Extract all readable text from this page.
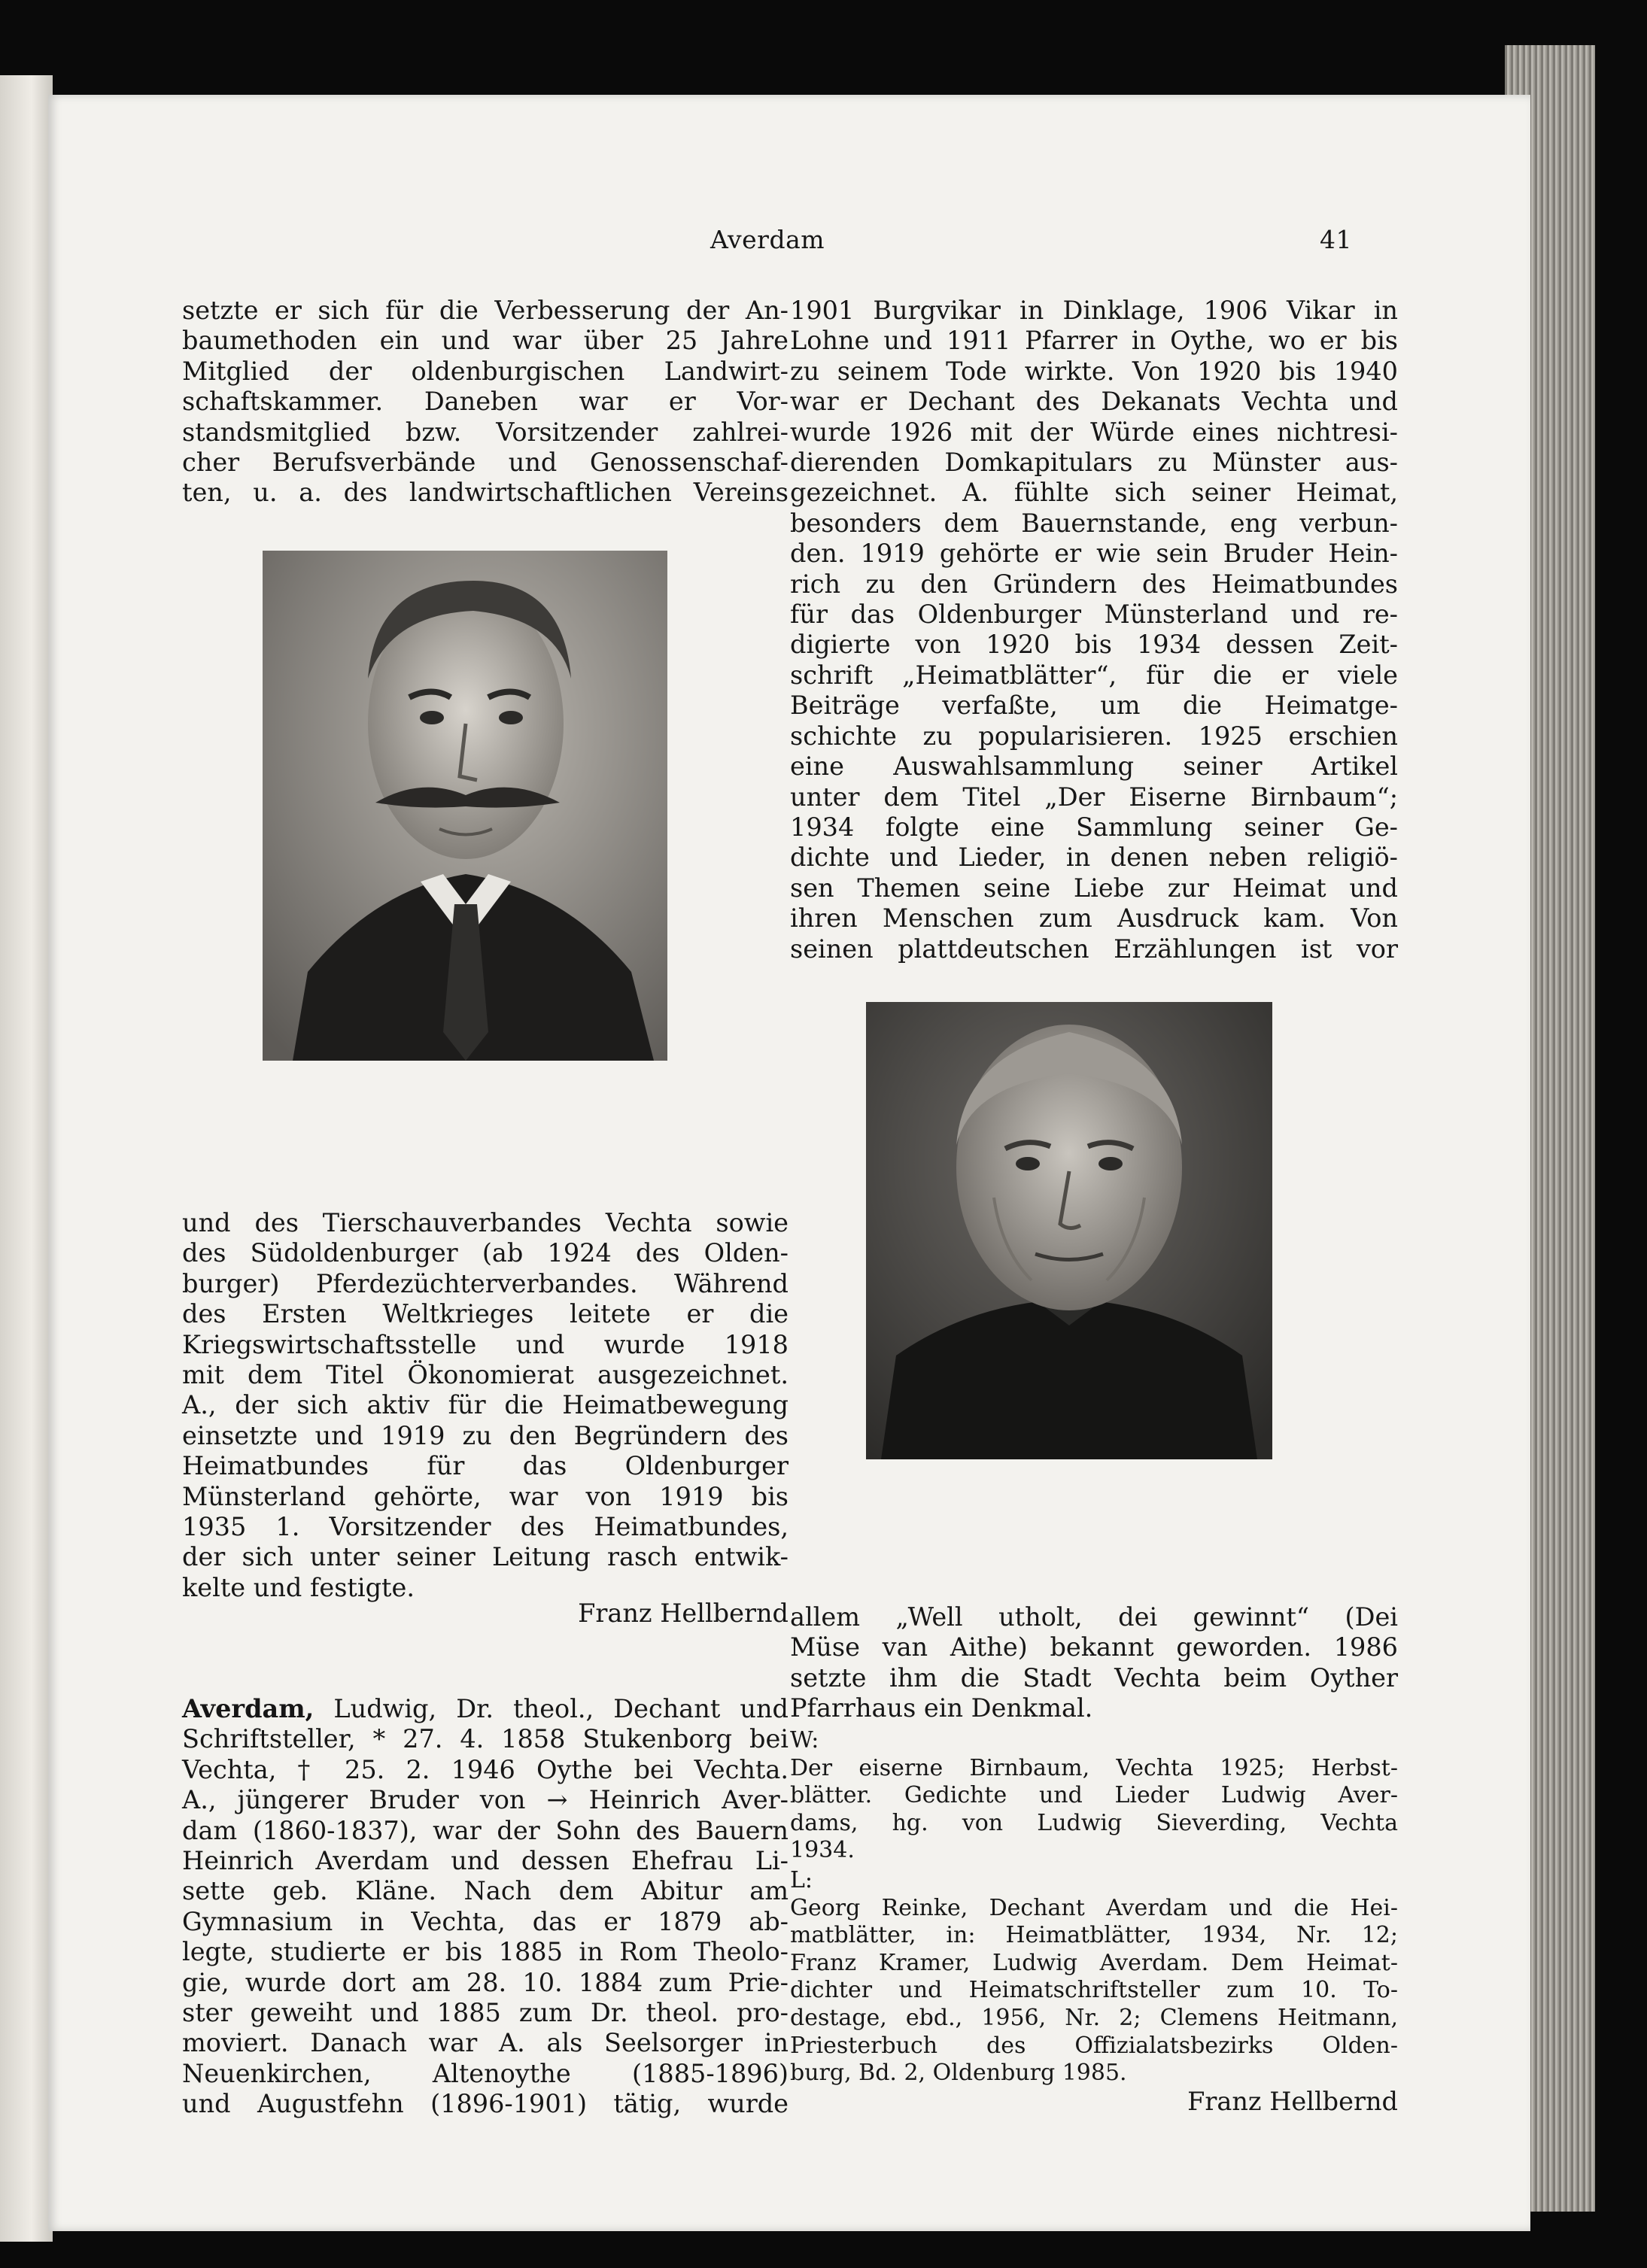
Averdam	41
setzte er sich für die Verbesserung der An-
baumethoden ein und war über 25 Jahre
Mitglied der oldenburgischen Landwirt-
schaftskammer. Daneben war er Vor-
standsmitglied bzw. Vorsitzender zahlrei-
cher Berufsverbände und Genossenschaf-
ten, u. a. des landwirtschaftlichen Vereins
und des Tierschauverbandes Vechta sowie
des Südoldenburger (ab 1924 des Olden-
burger) Pferdezüchterverbandes. Während
des Ersten Weltkrieges leitete er die
Kriegswirtschaftsstelle und wurde 1918
mit dem Titel Ökonomierat ausgezeichnet.
A., der sich aktiv für die Heimatbewegung
einsetzte und 1919 zu den Begründern des
Heimatbundes für das Oldenburger
Münsterland gehörte, war von 1919 bis
1935 1. Vorsitzender des Heimatbundes,
der sich unter seiner Leitung rasch entwik-
kelte und festigte.
Averdam, Ludwig, Dr. theol., Dechant und
Schriftsteller, * 27. 4. 1858 Stukenborg bei
Vechta, † 25. 2. 1946 Oythe bei Vechta.
A., jüngerer Bruder von → Heinrich Aver-
dam (1860-1837), war der Sohn des Bauern
Heinrich Averdam und dessen Ehefrau Li-
sette geb. Kläne. Nach dem Abitur am
Gymnasium in Vechta, das er 1879 ab-
legte, studierte er bis 1885 in Rom Theolo-
gie, wurde dort am 28. 10. 1884 zum Prie-
ster geweiht und 1885 zum Dr. theol. pro-
moviert. Danach war A. als Seelsorger in
Neuenkirchen, Altenoythe (1885-1896)
und Augustfehn (1896-1901) tätig, wurde
1901 Burgvikar in Dinklage, 1906 Vikar in
Lohne und 1911 Pfarrer in Oythe, wo er bis
zu seinem Tode wirkte. Von 1920 bis 1940
war er Dechant des Dekanats Vechta und
wurde 1926 mit der Würde eines nichtresi-
dierenden Domkapitulars zu Münster aus-
gezeichnet. A. fühlte sich seiner Heimat,
besonders dem Bauernstande, eng verbun-
den. 1919 gehörte er wie sein Bruder Hein-
rich zu den Gründern des Heimatbundes
für das Oldenburger Münsterland und re-
digierte von 1920 bis 1934 dessen Zeit-
schrift „Heimatblätter“, für die er viele
Beiträge verfaßte, um die Heimatge-
schichte zu popularisieren. 1925 erschien
eine Auswahlsammlung seiner Artikel
unter dem Titel „Der Eiserne Birnbaum“;
1934 folgte eine Sammlung seiner Ge-
dichte und Lieder, in denen neben religiö-
sen Themen seine Liebe zur Heimat und
ihren Menschen zum Ausdruck kam. Von
seinen plattdeutschen Erzählungen ist vor
allem „Well utholt, dei gewinnt“ (Dei
Müse van Aithe) bekannt geworden. 1986
setzte ihm die Stadt Vechta beim Oyther
Pfarrhaus ein Denkmal.
W:
Der eiserne Birnbaum, Vechta 1925; Herbst-
blätter. Gedichte und Lieder Ludwig Aver-
dams, hg. von Ludwig Sieverding, Vechta
1934.
L:
Georg Reinke, Dechant Averdam und die Hei-
matblätter, in: Heimatblätter, 1934, Nr. 12;
Franz Kramer, Ludwig Averdam. Dem Heimat-
dichter und Heimatschriftsteller zum 10. To-
destage, ebd., 1956, Nr. 2; Clemens Heitmann,
Priesterbuch des Offizialatsbezirks Olden-
burg, Bd. 2, Oldenburg 1985.
Franz Hellbernd
Franz Hellbernd
